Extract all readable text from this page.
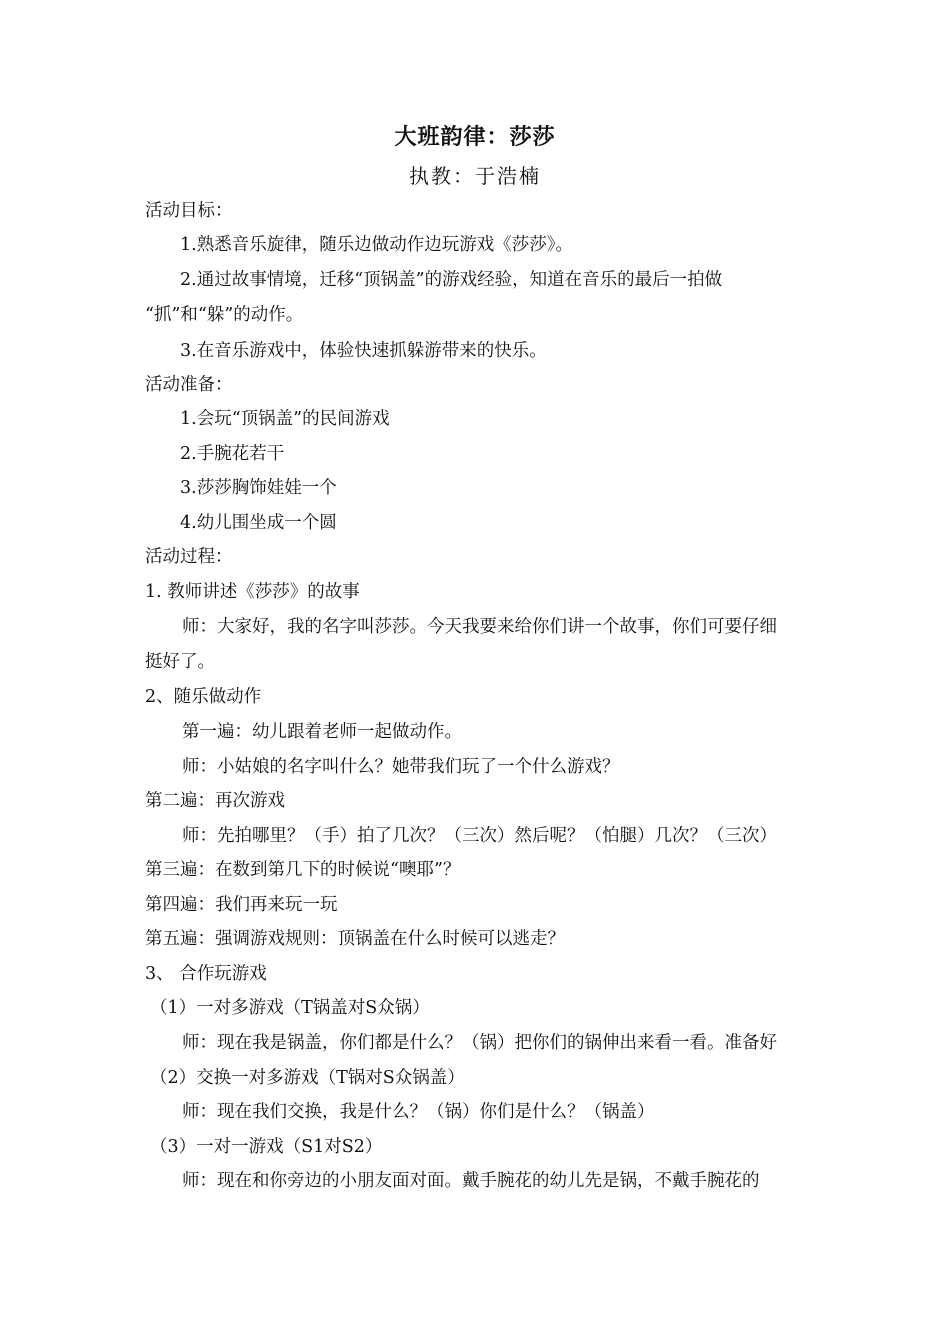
大班韵律：莎莎
执教：于浩楠
活动目标：
1.熟悉音乐旋律，随乐边做动作边玩游戏《莎莎》。
2.通过故事情境，迁移“顶锅盖”的游戏经验，知道在音乐的最后一拍做
“抓”和“躲”的动作。
3.在音乐游戏中，体验快速抓躲游带来的快乐。
活动准备：
1.会玩“顶锅盖”的民间游戏
2.手腕花若干
3.莎莎胸饰娃娃一个
4.幼儿围坐成一个圆
活动过程：
1. 教师讲述《莎莎》的故事
师：大家好，我的名字叫莎莎。今天我要来给你们讲一个故事，你们可要仔细
挺好了。
2、随乐做动作
第一遍：幼儿跟着老师一起做动作。
师：小姑娘的名字叫什么？她带我们玩了一个什么游戏？
第二遍：再次游戏
师：先拍哪里？（手）拍了几次？（三次）然后呢？（怕腿）几次？（三次）
第三遍：在数到第几下的时候说“噢耶”？
第四遍：我们再来玩一玩
第五遍：强调游戏规则：顶锅盖在什么时候可以逃走？
3、 合作玩游戏
（1）一对多游戏（T锅盖对S众锅）
师：现在我是锅盖，你们都是什么？（锅）把你们的锅伸出来看一看。准备好
（2）交换一对多游戏（T锅对S众锅盖）
师：现在我们交换，我是什么？（锅）你们是什么？（锅盖）
（3）一对一游戏（S1对S2）
师：现在和你旁边的小朋友面对面。戴手腕花的幼儿先是锅，不戴手腕花的
